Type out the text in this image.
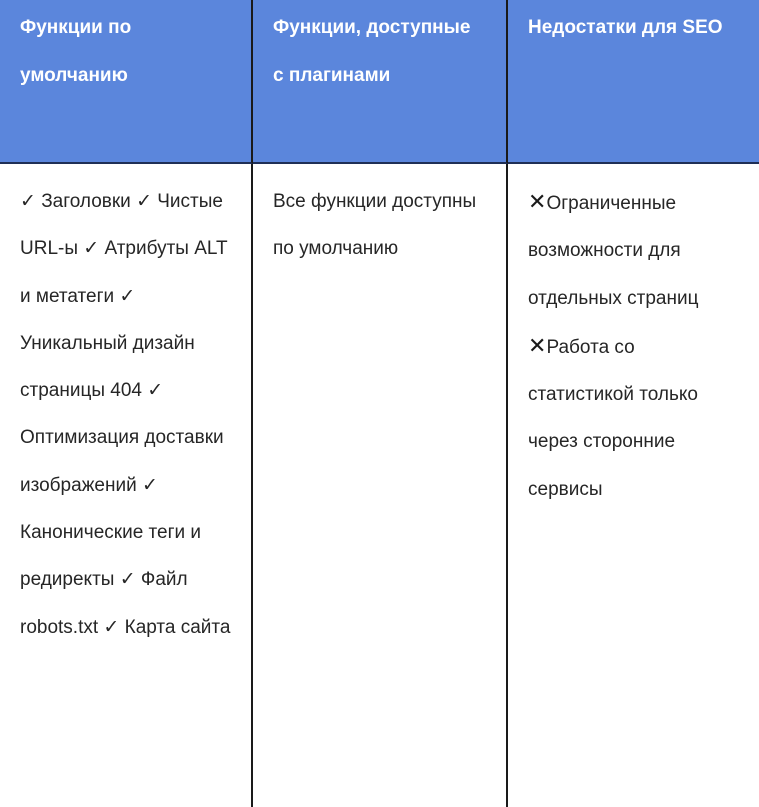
Функции по умолчанию
Функции, доступные с плагинами
Недостатки для SEO
✓ Заголовки ✓ Чистые URL-ы ✓ Атрибуты ALT и метатеги ✓ Уникальный дизайн страницы 404 ✓ Оптимизация доставки изображений ✓ Канонические теги и редиректы ✓ Файл robots.txt ✓ Карта сайта
Все функции доступны по умолчанию
✕Ограниченные возможности для отдельных страниц ✕Работа со статистикой только через сторонние сервисы
